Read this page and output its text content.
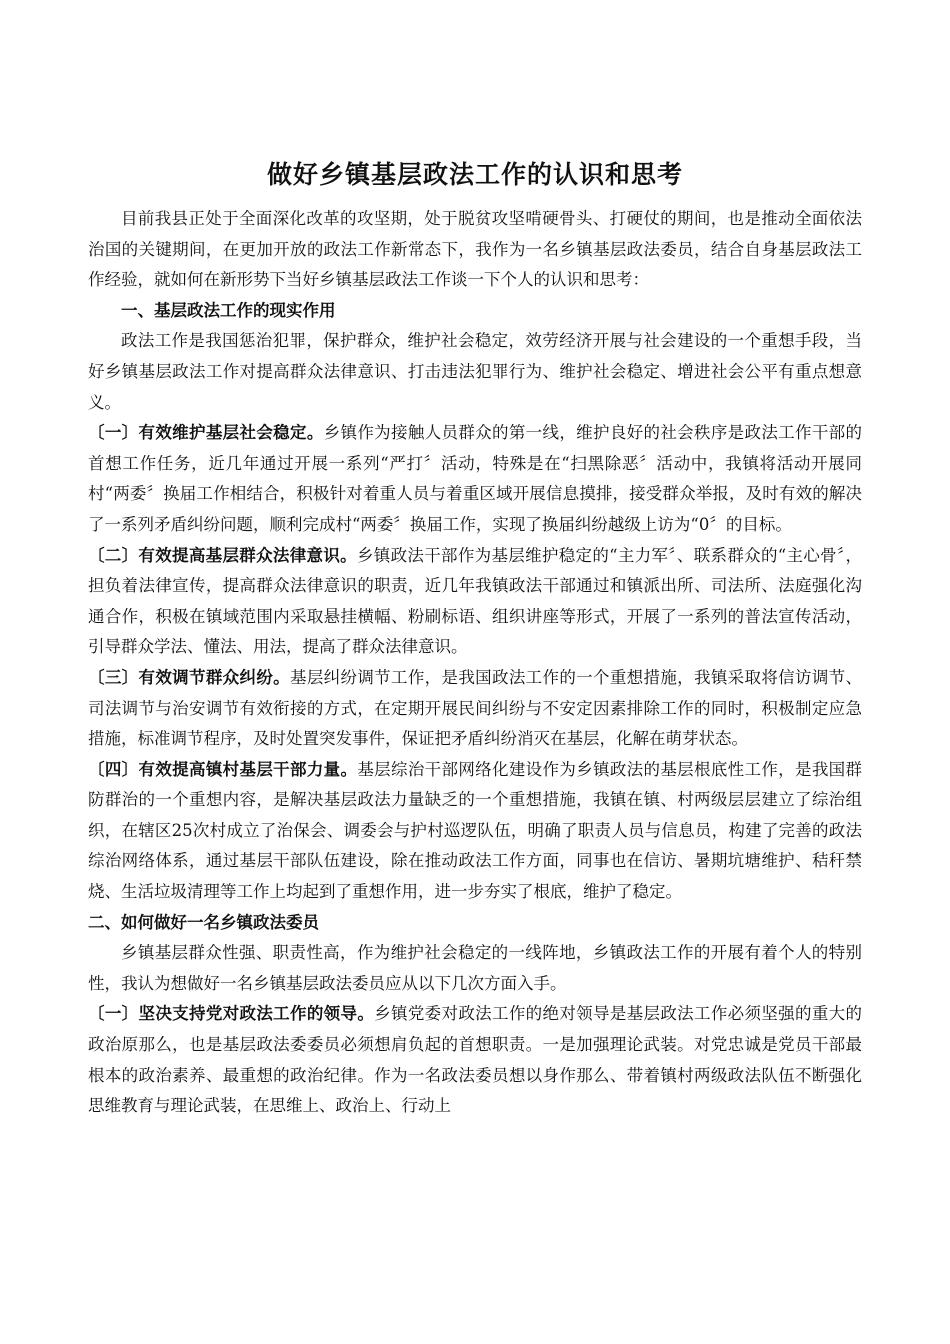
做好乡镇基层政法工作的认识和思考

目前我县正处于全面深化改革的攻坚期，处于脱贫攻坚啃硬骨头、打硬仗的期间，也是推动全面依法治国的关键期间，在更加开放的政法工作新常态下，我作为一名乡镇基层政法委员，结合自身基层政法工作经验，就如何在新形势下当好乡镇基层政法工作谈一下个人的认识和思考：

一、基层政法工作的现实作用

政法工作是我国惩治犯罪，保护群众，维护社会稳定，效劳经济开展与社会建设的一个重想手段，当好乡镇基层政法工作对提高群众法律意识、打击违法犯罪行为、维护社会稳定、增进社会公平有重点想意义。

〔一〕有效维护基层社会稳定。乡镇作为接触人员群众的第一线，维护良好的社会秩序是政法工作干部的首想工作任务，近几年通过开展一系列“严打〞活动，特殊是在“扫黑除恶〞活动中，我镇将活动开展同村“两委〞换届工作相结合，积极针对着重人员与着重区域开展信息摸排，接受群众举报，及时有效的解决了一系列矛盾纠纷问题，顺利完成村“两委〞换届工作，实现了换届纠纷越级上访为“0〞的目标。

〔二〕有效提高基层群众法律意识。乡镇政法干部作为基层维护稳定的“主力军〞、联系群众的“主心骨〞，担负着法律宣传，提高群众法律意识的职责，近几年我镇政法干部通过和镇派出所、司法所、法庭强化沟通合作，积极在镇域范围内采取悬挂横幅、粉刷标语、组织讲座等形式，开展了一系列的普法宣传活动，引导群众学法、懂法、用法，提高了群众法律意识。

〔三〕有效调节群众纠纷。基层纠纷调节工作，是我国政法工作的一个重想措施，我镇采取将信访调节、司法调节与治安调节有效衔接的方式，在定期开展民间纠纷与不安定因素排除工作的同时，积极制定应急措施，标准调节程序，及时处置突发事件，保证把矛盾纠纷消灭在基层，化解在萌芽状态。

〔四〕有效提高镇村基层干部力量。基层综治干部网络化建设作为乡镇政法的基层根底性工作，是我国群防群治的一个重想内容，是解决基层政法力量缺乏的一个重想措施，我镇在镇、村两级层层建立了综治组织，在辖区25次村成立了治保会、调委会与护村巡逻队伍，明确了职责人员与信息员，构建了完善的政法综治网络体系，通过基层干部队伍建设，除在推动政法工作方面，同事也在信访、暑期坑塘维护、秸秆禁烧、生活垃圾清理等工作上均起到了重想作用，进一步夯实了根底，维护了稳定。

二、如何做好一名乡镇政法委员

乡镇基层群众性强、职责性高，作为维护社会稳定的一线阵地，乡镇政法工作的开展有着个人的特别性，我认为想做好一名乡镇基层政法委员应从以下几次方面入手。

〔一〕坚决支持党对政法工作的领导。乡镇党委对政法工作的绝对领导是基层政法工作必须坚强的重大的政治原那么，也是基层政法委委员必须想肩负起的首想职责。一是加强理论武装。对党忠诚是党员干部最根本的政治素养、最重想的政治纪律。作为一名政法委员想以身作那么、带着镇村两级政法队伍不断强化思维教育与理论武装，在思维上、政治上、行动上
